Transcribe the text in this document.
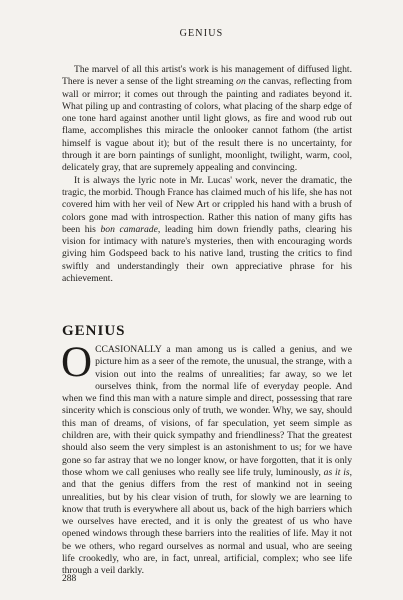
GENIUS

The marvel of all this artist's work is his management of diffused light. There is never a sense of the light streaming on the canvas, reflecting from wall or mirror; it comes out through the painting and radiates beyond it. What piling up and contrasting of colors, what placing of the sharp edge of one tone hard against another until light glows, as fire and wood rub out flame, accomplishes this miracle the onlooker cannot fathom (the artist himself is vague about it); but of the result there is no uncertainty, for through it are born paintings of sunlight, moonlight, twilight, warm, cool, delicately gray, that are supremely appealing and convincing.

It is always the lyric note in Mr. Lucas' work, never the dramatic, the tragic, the morbid. Though France has claimed much of his life, she has not covered him with her veil of New Art or crippled his hand with a brush of colors gone mad with introspection. Rather this nation of many gifts has been his bon camarade, leading him down friendly paths, clearing his vision for intimacy with nature's mysteries, then with encouraging words giving him Godspeed back to his native land, trusting the critics to find swiftly and understandingly their own appreciative phrase for his achievement.

GENIUS

OCCASIONALLY a man among us is called a genius, and we picture him as a seer of the remote, the unusual, the strange, with a vision out into the realms of unrealities; far away, so we let ourselves think, from the normal life of everyday people. And when we find this man with a nature simple and direct, possessing that rare sincerity which is conscious only of truth, we wonder. Why, we say, should this man of dreams, of visions, of far speculation, yet seem simple as children are, with their quick sympathy and friendliness? That the greatest should also seem the very simplest is an astonishment to us; for we have gone so far astray that we no longer know, or have forgotten, that it is only those whom we call geniuses who really see life truly, luminously, as it is, and that the genius differs from the rest of mankind not in seeing unrealities, but by his clear vision of truth, for slowly we are learning to know that truth is everywhere all about us, back of the high barriers which we ourselves have erected, and it is only the greatest of us who have opened windows through these barriers into the realities of life. May it not be we others, who regard ourselves as normal and usual, who are seeing life crookedly, who are, in fact, unreal, artificial, complex; who see life through a veil darkly.

288
